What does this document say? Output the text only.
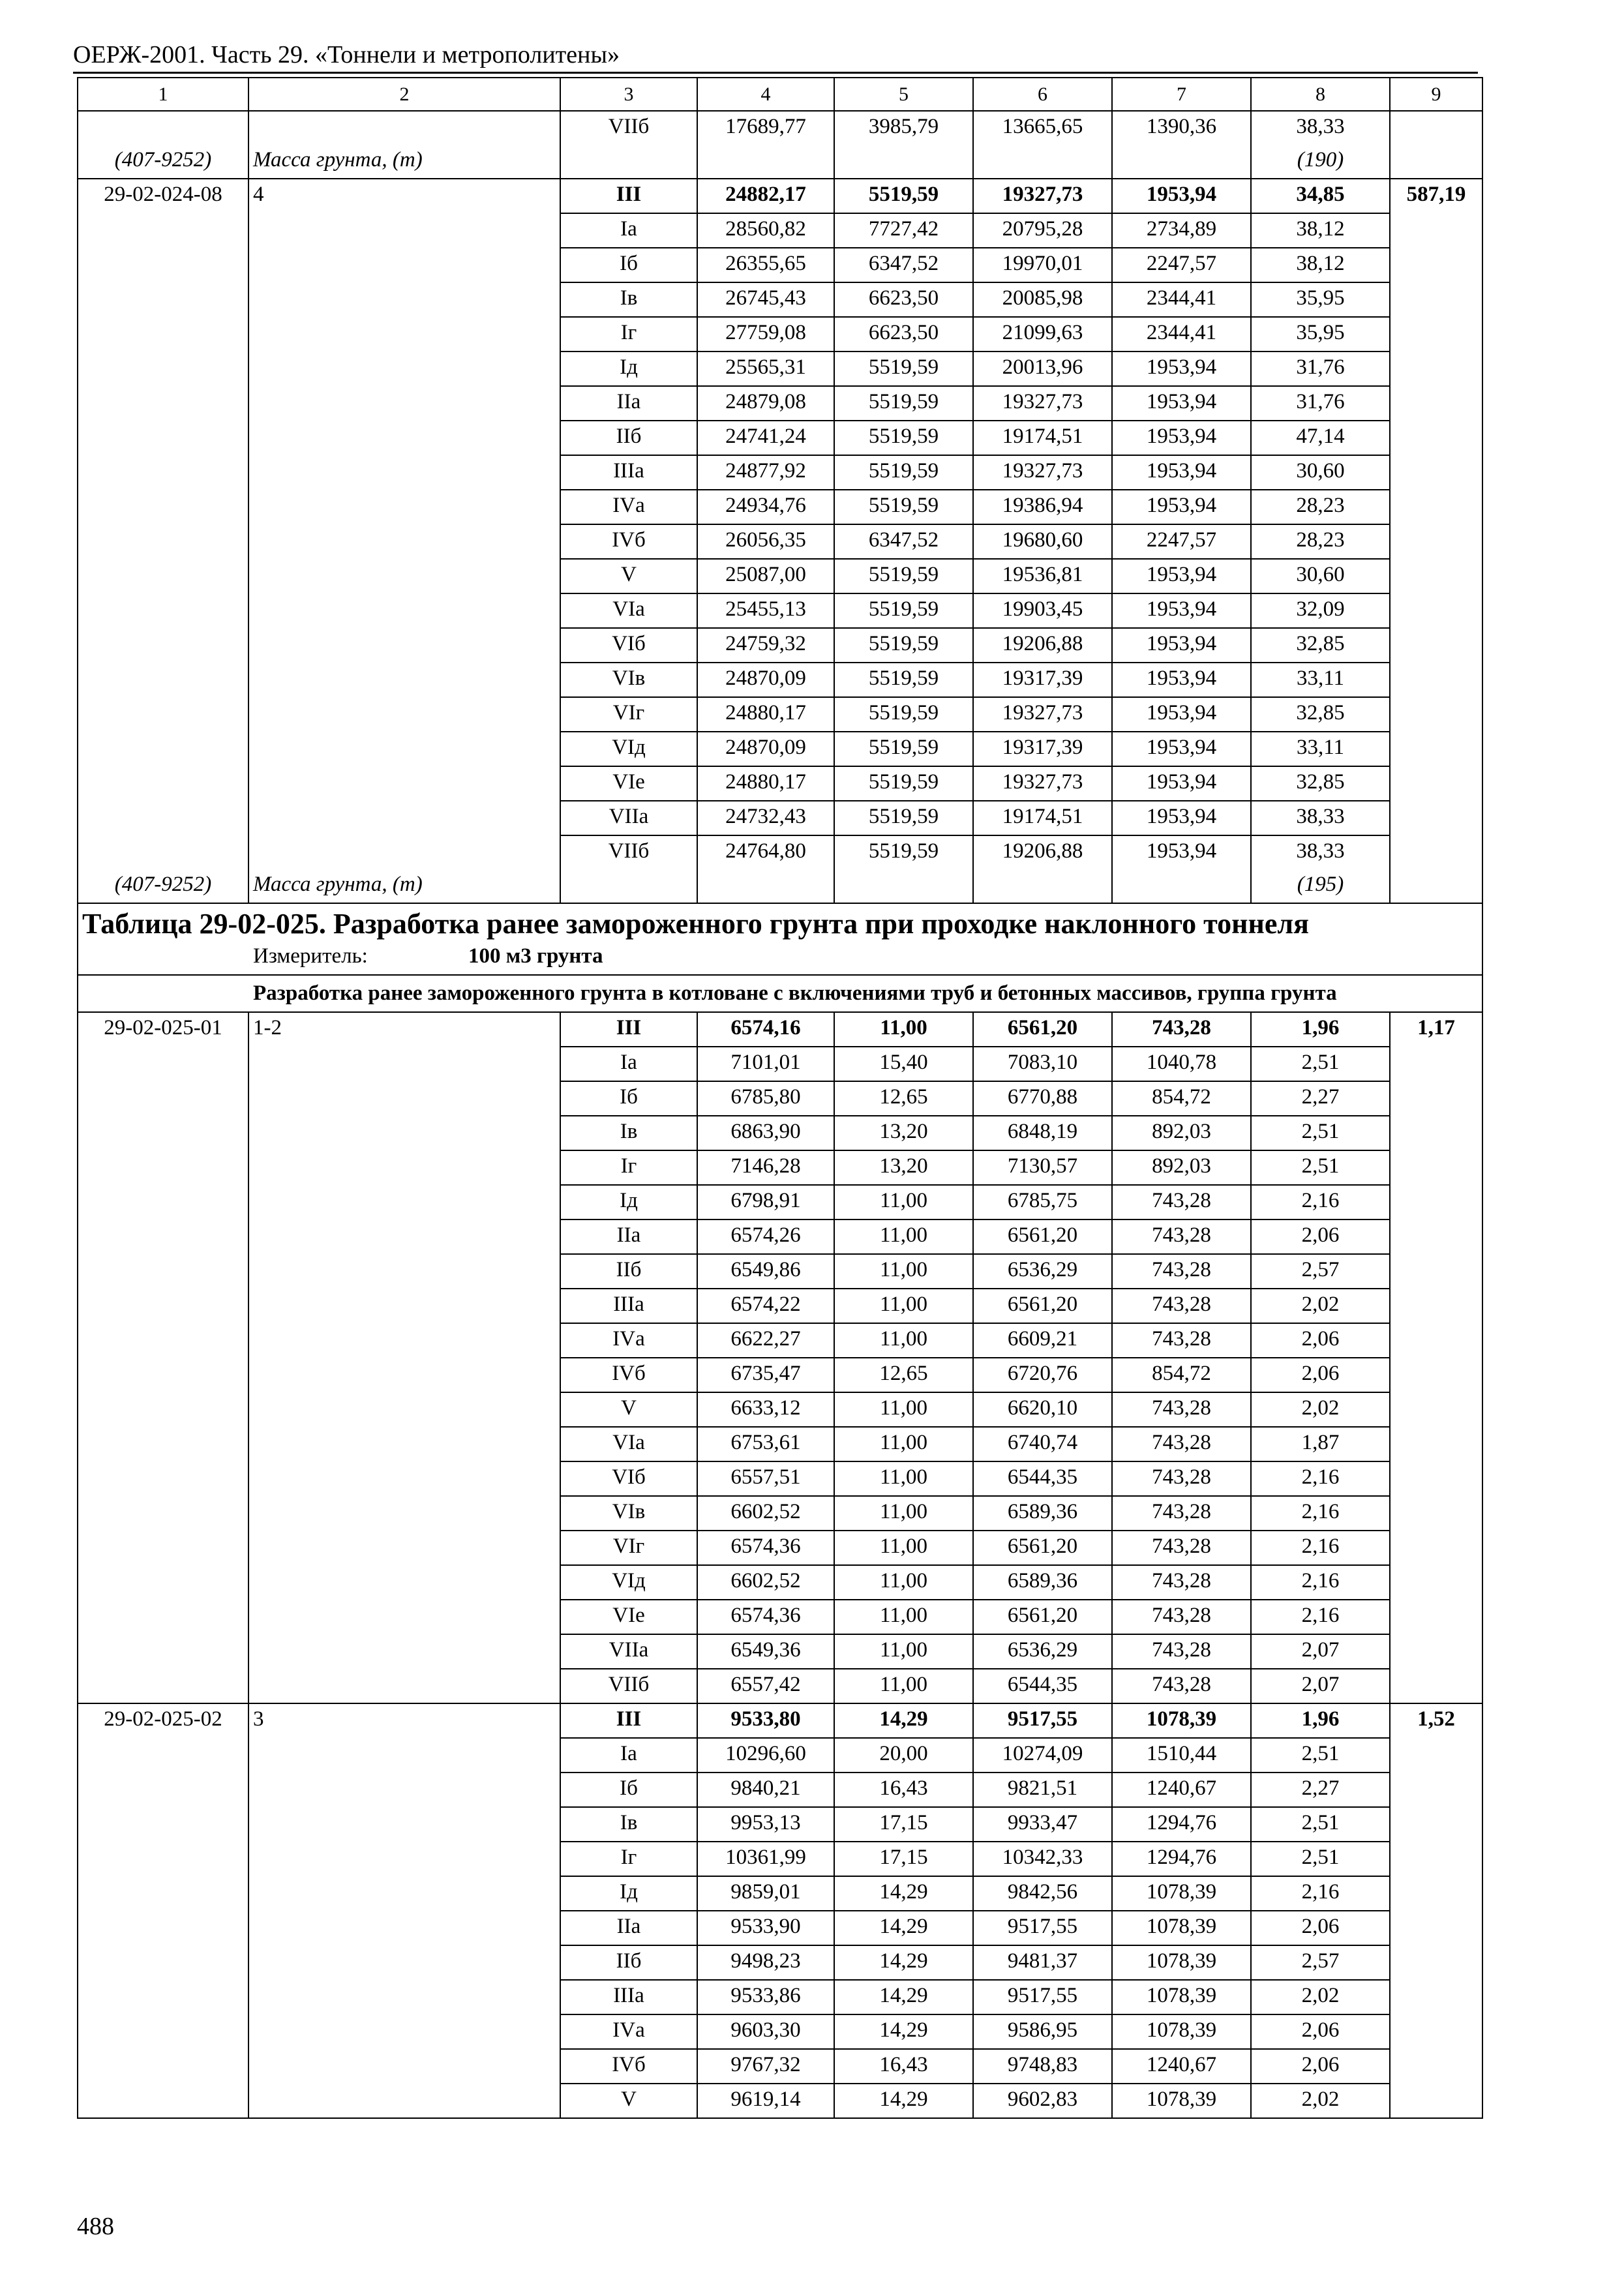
ОЕРЖ-2001. Часть 29. «Тоннели и метрополитены»
1	2	3	4	5	6	7	8	9
		VIIб	17689,77	3985,79	13665,65	1390,36	38,33	
(407-9252)	Масса грунта, (т)						(190)	
29-02-024-08	4	III	24882,17	5519,59	19327,73	1953,94	34,85	587,19
		Iа	28560,82	7727,42	20795,28	2734,89	38,12	
		Iб	26355,65	6347,52	19970,01	2247,57	38,12	
		Iв	26745,43	6623,50	20085,98	2344,41	35,95	
		Iг	27759,08	6623,50	21099,63	2344,41	35,95	
		Iд	25565,31	5519,59	20013,96	1953,94	31,76	
		IIа	24879,08	5519,59	19327,73	1953,94	31,76	
		IIб	24741,24	5519,59	19174,51	1953,94	47,14	
		IIIа	24877,92	5519,59	19327,73	1953,94	30,60	
		IVа	24934,76	5519,59	19386,94	1953,94	28,23	
		IVб	26056,35	6347,52	19680,60	2247,57	28,23	
		V	25087,00	5519,59	19536,81	1953,94	30,60	
		VIа	25455,13	5519,59	19903,45	1953,94	32,09	
		VIб	24759,32	5519,59	19206,88	1953,94	32,85	
		VIв	24870,09	5519,59	19317,39	1953,94	33,11	
		VIг	24880,17	5519,59	19327,73	1953,94	32,85	
		VIд	24870,09	5519,59	19317,39	1953,94	33,11	
		VIе	24880,17	5519,59	19327,73	1953,94	32,85	
		VIIа	24732,43	5519,59	19174,51	1953,94	38,33	
		VIIб	24764,80	5519,59	19206,88	1953,94	38,33	
(407-9252)	Масса грунта, (т)						(195)	

Таблица 29-02-025. Разработка ранее замороженного грунта при проходке наклонного тоннеля
Измеритель: 100 м3 грунта								

Разработка ранее замороженного грунта в котловане с включениями труб и бетонных массивов, группа грунта								
29-02-025-01	1-2	III	6574,16	11,00	6561,20	743,28	1,96	1,17
		Iа	7101,01	15,40	7083,10	1040,78	2,51	
		Iб	6785,80	12,65	6770,88	854,72	2,27	
		Iв	6863,90	13,20	6848,19	892,03	2,51	
		Iг	7146,28	13,20	7130,57	892,03	2,51	
		Iд	6798,91	11,00	6785,75	743,28	2,16	
		IIа	6574,26	11,00	6561,20	743,28	2,06	
		IIб	6549,86	11,00	6536,29	743,28	2,57	
		IIIа	6574,22	11,00	6561,20	743,28	2,02	
		IVа	6622,27	11,00	6609,21	743,28	2,06	
		IVб	6735,47	12,65	6720,76	854,72	2,06	
		V	6633,12	11,00	6620,10	743,28	2,02	
		VIа	6753,61	11,00	6740,74	743,28	1,87	
		VIб	6557,51	11,00	6544,35	743,28	2,16	
		VIв	6602,52	11,00	6589,36	743,28	2,16	
		VIг	6574,36	11,00	6561,20	743,28	2,16	
		VIд	6602,52	11,00	6589,36	743,28	2,16	
		VIе	6574,36	11,00	6561,20	743,28	2,16	
		VIIа	6549,36	11,00	6536,29	743,28	2,07	
		VIIб	6557,42	11,00	6544,35	743,28	2,07	
29-02-025-02	3	III	9533,80	14,29	9517,55	1078,39	1,96	1,52
		Iа	10296,60	20,00	10274,09	1510,44	2,51	
		Iб	9840,21	16,43	9821,51	1240,67	2,27	
		Iв	9953,13	17,15	9933,47	1294,76	2,51	
		Iг	10361,99	17,15	10342,33	1294,76	2,51	
		Iд	9859,01	14,29	9842,56	1078,39	2,16	
		IIа	9533,90	14,29	9517,55	1078,39	2,06	
		IIб	9498,23	14,29	9481,37	1078,39	2,57	
		IIIа	9533,86	14,29	9517,55	1078,39	2,02	
		IVа	9603,30	14,29	9586,95	1078,39	2,06	
		IVб	9767,32	16,43	9748,83	1240,67	2,06	
		V	9619,14	14,29	9602,83	1078,39	2,02	
488
